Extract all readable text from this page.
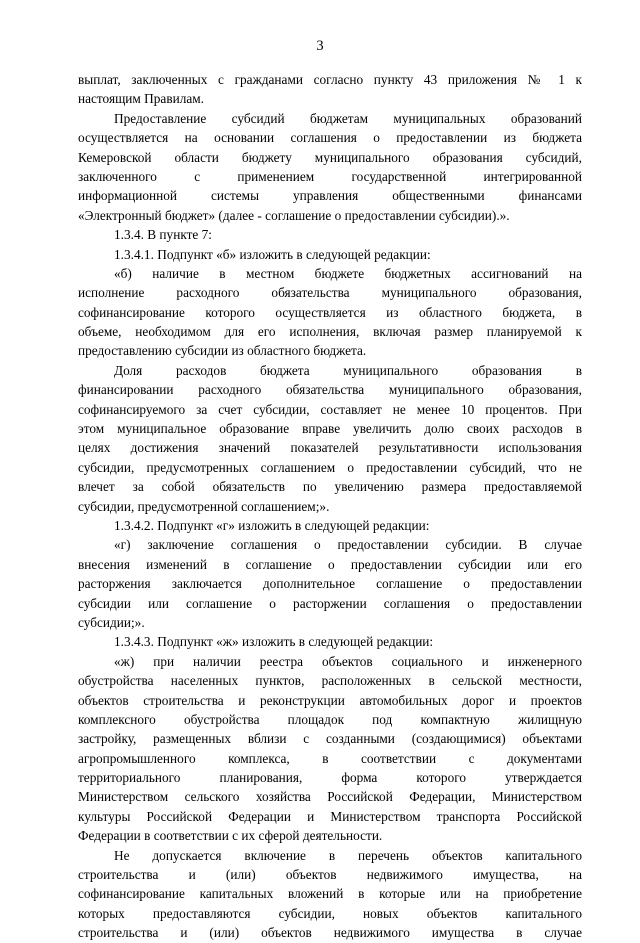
3
выплат, заключенных с гражданами согласно пункту 43 приложения № 1 к
настоящим Правилам.
Предоставление субсидий бюджетам муниципальных образований
осуществляется на основании соглашения о предоставлении из бюджета
Кемеровской области бюджету муниципального образования субсидий,
заключенного с применением государственной интегрированной
информационной системы управления общественными финансами
«Электронный бюджет» (далее - соглашение о предоставлении субсидии).».
1.3.4. В пункте 7:
1.3.4.1. Подпункт «б» изложить в следующей редакции:
«б) наличие в местном бюджете бюджетных ассигнований на
исполнение расходного обязательства муниципального образования,
софинансирование которого осуществляется из областного бюджета, в
объеме, необходимом для его исполнения, включая размер планируемой к
предоставлению субсидии из областного бюджета.
Доля расходов бюджета муниципального образования в
финансировании расходного обязательства муниципального образования,
софинансируемого за счет субсидии, составляет не менее 10 процентов. При
этом муниципальное образование вправе увеличить долю своих расходов в
целях достижения значений показателей результативности использования
субсидии, предусмотренных соглашением о предоставлении субсидий, что не
влечет за собой обязательств по увеличению размера предоставляемой
субсидии, предусмотренной соглашением;».
1.3.4.2. Подпункт «г» изложить в следующей редакции:
«г) заключение соглашения о предоставлении субсидии. В случае
внесения изменений в соглашение о предоставлении субсидии или его
расторжения заключается дополнительное соглашение о предоставлении
субсидии или соглашение о расторжении соглашения о предоставлении
субсидии;».
1.3.4.3. Подпункт «ж» изложить в следующей редакции:
«ж) при наличии реестра объектов социального и инженерного
обустройства населенных пунктов, расположенных в сельской местности,
объектов строительства и реконструкции автомобильных дорог и проектов
комплексного обустройства площадок под компактную жилищную
застройку, размещенных вблизи с созданными (создающимися) объектами
агропромышленного комплекса, в соответствии с документами
территориального планирования, форма которого утверждается
Министерством сельского хозяйства Российской Федерации, Министерством
культуры Российской Федерации и Министерством транспорта Российской
Федерации в соответствии с их сферой деятельности.
Не допускается включение в перечень объектов капитального
строительства и (или) объектов недвижимого имущества, на
софинансирование капитальных вложений в которые или на приобретение
которых предоставляются субсидии, новых объектов капитального
строительства и (или) объектов недвижимого имущества в случае
